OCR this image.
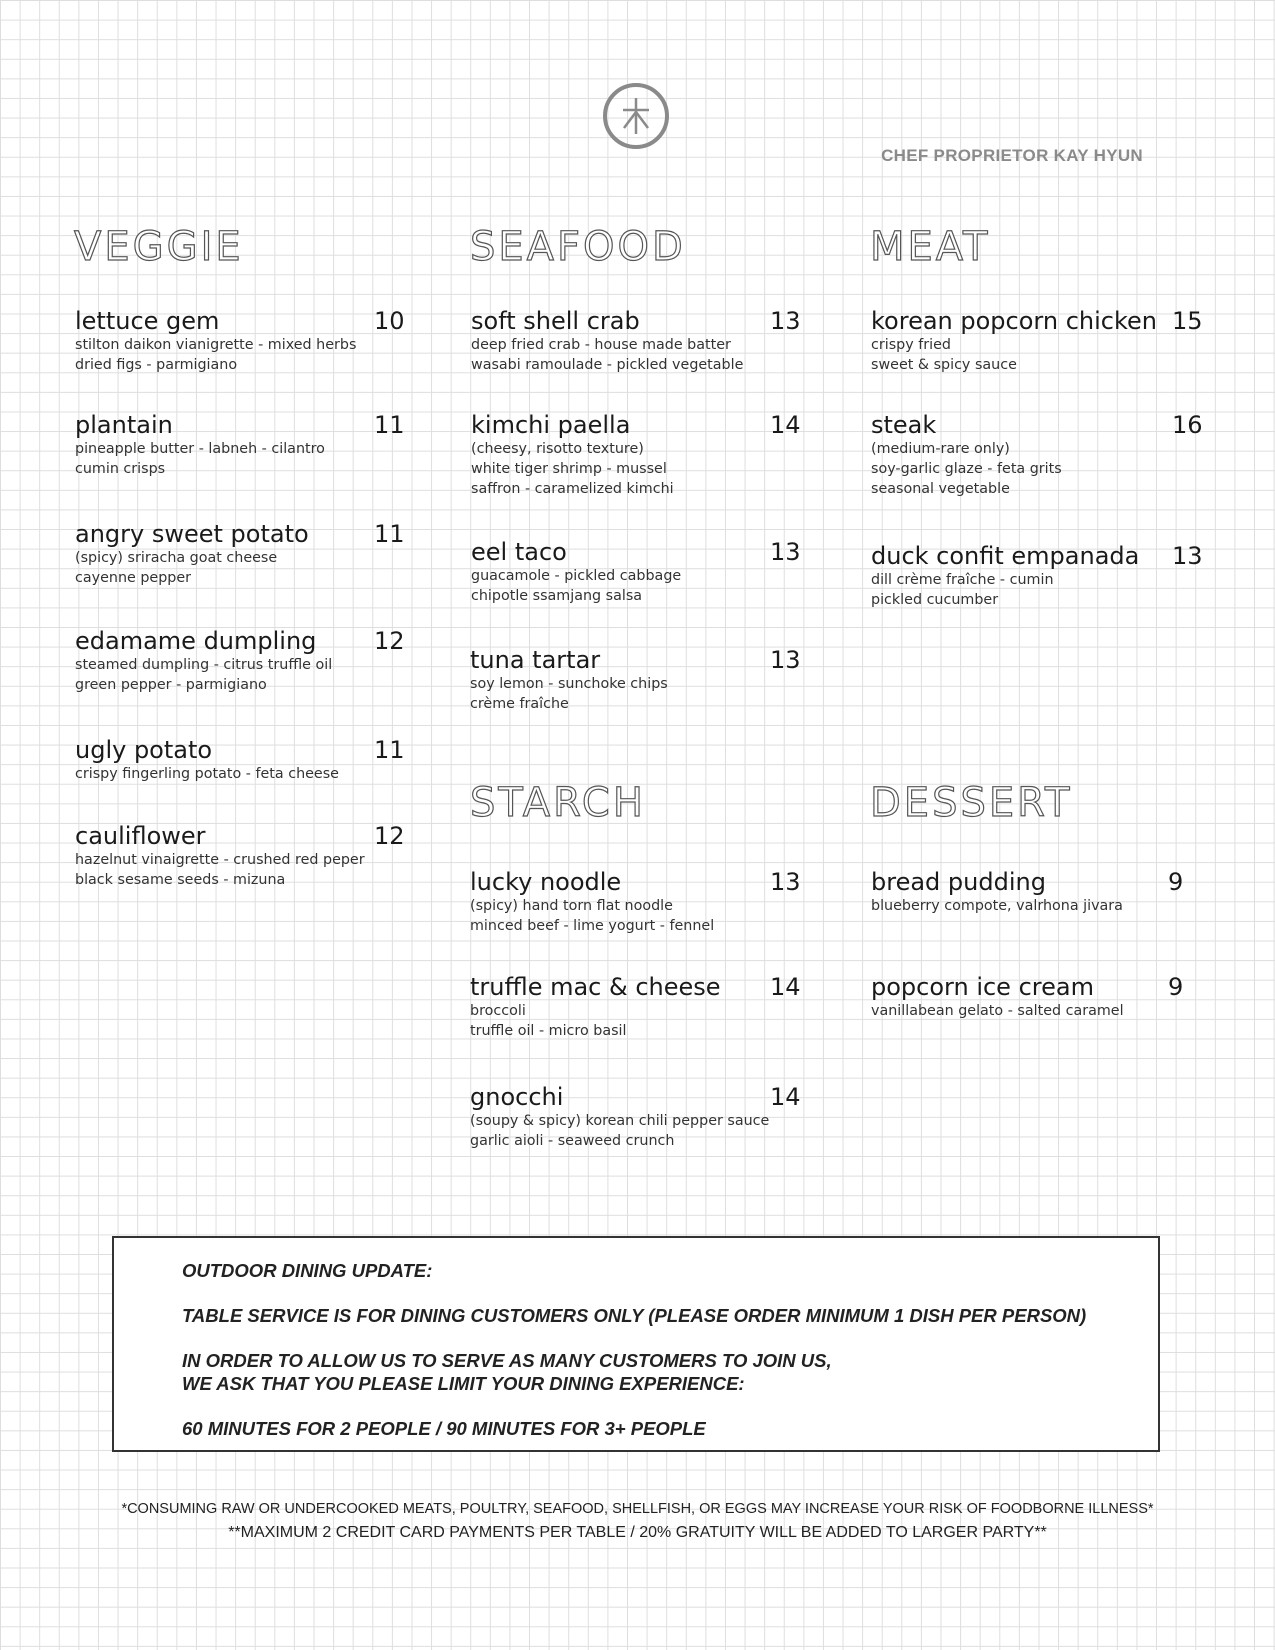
CHEF PROPRIETOR KAY HYUN
VEGGIE
lettuce gem
stilton daikon vianigrette - mixed herbs
dried figs - parmigiano
10
plantain
pineapple butter - labneh - cilantro
cumin crisps
11
angry sweet potato
(spicy) sriracha goat cheese
cayenne pepper
11
edamame dumpling
steamed dumpling - citrus truffle oil
green pepper - parmigiano
12
ugly potato
crispy fingerling potato - feta cheese
11
cauliflower
hazelnut vinaigrette - crushed red peper
black sesame seeds - mizuna
12
SEAFOOD
soft shell crab
deep fried crab - house made batter
wasabi ramoulade - pickled vegetable
13
kimchi paella
(cheesy, risotto texture)
white tiger shrimp - mussel
saffron - caramelized kimchi
14
eel taco
guacamole - pickled cabbage
chipotle ssamjang salsa
13
tuna tartar
soy lemon - sunchoke chips
crème fraîche
13
MEAT
korean popcorn chicken
crispy fried
sweet & spicy sauce
15
steak
(medium-rare only)
soy-garlic glaze - feta grits
seasonal vegetable
16
duck confit empanada
dill crème fraîche - cumin
pickled cucumber
13
STARCH
lucky noodle
(spicy) hand torn flat noodle
minced beef - lime yogurt - fennel
13
truffle mac & cheese
broccoli
truffle oil - micro basil
14
gnocchi
(soupy & spicy) korean chili pepper sauce
garlic aioli - seaweed crunch
14
DESSERT
bread pudding
blueberry compote, valrhona jivara
9
popcorn ice cream
vanillabean gelato - salted caramel
9
OUTDOOR DINING UPDATE:
TABLE SERVICE IS FOR DINING CUSTOMERS ONLY (PLEASE ORDER MINIMUM 1 DISH PER PERSON)
IN ORDER TO ALLOW US TO SERVE AS MANY CUSTOMERS TO JOIN US,
WE ASK THAT YOU PLEASE LIMIT YOUR DINING EXPERIENCE:
60 MINUTES FOR 2 PEOPLE / 90 MINUTES FOR 3+ PEOPLE
*CONSUMING RAW OR UNDERCOOKED MEATS, POULTRY, SEAFOOD, SHELLFISH, OR EGGS MAY INCREASE YOUR RISK OF FOODBORNE ILLNESS*
**MAXIMUM 2 CREDIT CARD PAYMENTS PER TABLE / 20% GRATUITY WILL BE ADDED TO LARGER PARTY**
